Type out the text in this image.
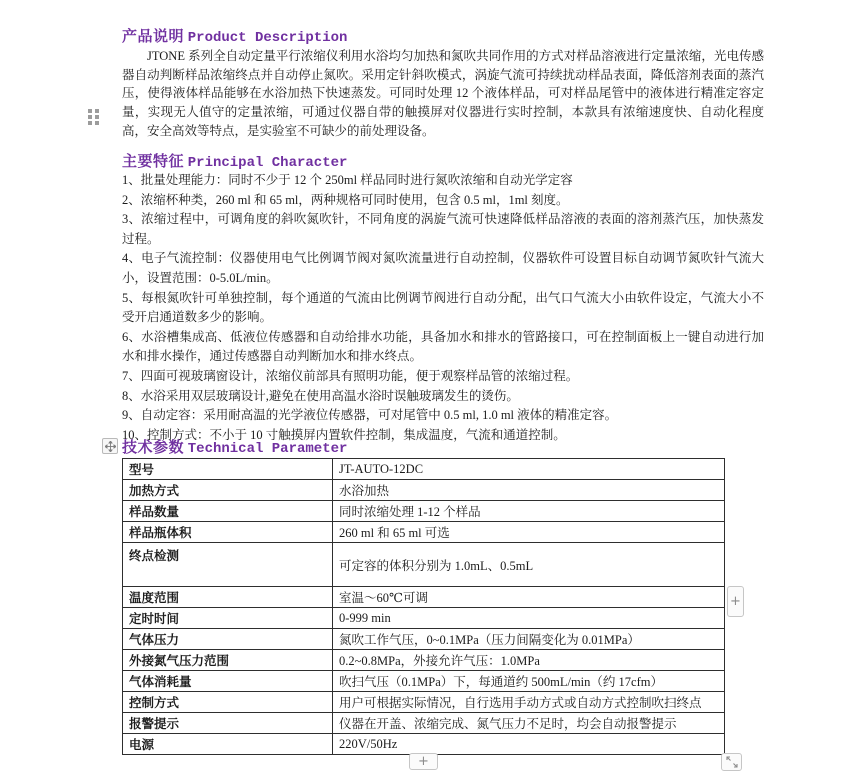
产品说明 Product Description
JTONE 系列全自动定量平行浓缩仪利用水浴均匀加热和氮吹共同作用的方式对样品溶液进行定量浓缩，光电传感器自动判断样品浓缩终点并自动停止氮吹。采用定针斜吹模式，涡旋气流可持续扰动样品表面，降低溶剂表面的蒸汽压，使得液体样品能够在水浴加热下快速蒸发。可同时处理 12 个液体样品，可对样品尾管中的液体进行精准定容定量，实现无人值守的定量浓缩，可通过仪器自带的触摸屏对仪器进行实时控制，本款具有浓缩速度快、自动化程度高，安全高效等特点，是实验室不可缺少的前处理设备。
主要特征 Principal Character

1、批量处理能力：同时不少于 12 个 250ml 样品同时进行氮吹浓缩和自动光学定容

2、浓缩杯种类，260 ml 和 65 ml，两种规格可同时使用，包含 0.5 ml，1ml 刻度。

3、浓缩过程中，可调角度的斜吹氮吹针，不同角度的涡旋气流可快速降低样品溶液的表面的溶剂蒸汽压，加快蒸发过程。

4、电子气流控制：仪器使用电气比例调节阀对氮吹流量进行自动控制，仪器软件可设置目标自动调节氮吹针气流大小，设置范围：0-5.0L/min。

5、每根氮吹针可单独控制，每个通道的气流由比例调节阀进行自动分配，出气口气流大小由软件设定，气流大小不受开启通道数多少的影响。

6、水浴槽集成高、低液位传感器和自动给排水功能，具备加水和排水的管路接口，可在控制面板上一键自动进行加水和排水操作，通过传感器自动判断加水和排水终点。

7、四面可视玻璃窗设计，浓缩仪前部具有照明功能，便于观察样品管的浓缩过程。

8、水浴采用双层玻璃设计,避免在使用高温水浴时误触玻璃发生的烫伤。

9、自动定容：采用耐高温的光学液位传感器，可对尾管中 0.5 ml, 1.0 ml 液体的精准定容。

10、控制方式：不小于 10 寸触摸屏内置软件控制，集成温度，气流和通道控制。

技术参数 Technical Parameter
型号	JT-AUTO-12DC
加热方式	水浴加热
样品数量	同时浓缩处理 1-12 个样品
样品瓶体积	260 ml 和 65 ml 可选
终点检测	可定容的体积分别为 1.0mL、0.5mL
温度范围	室温～60℃可调
定时时间	0-999 min
气体压力	氮吹工作气压，0~0.1MPa（压力间隔变化为 0.01MPa）
外接氮气压力范围	0.2~0.8MPa，外接允许气压：1.0MPa
气体消耗量	吹扫气压（0.1MPa）下，每通道约 500mL/min（约 17cfm）
控制方式	用户可根据实际情况，自行选用手动方式或自动方式控制吹扫终点
报警提示	仪器在开盖、浓缩完成、氮气压力不足时，均会自动报警提示
电源	220V/50Hz
+
+
